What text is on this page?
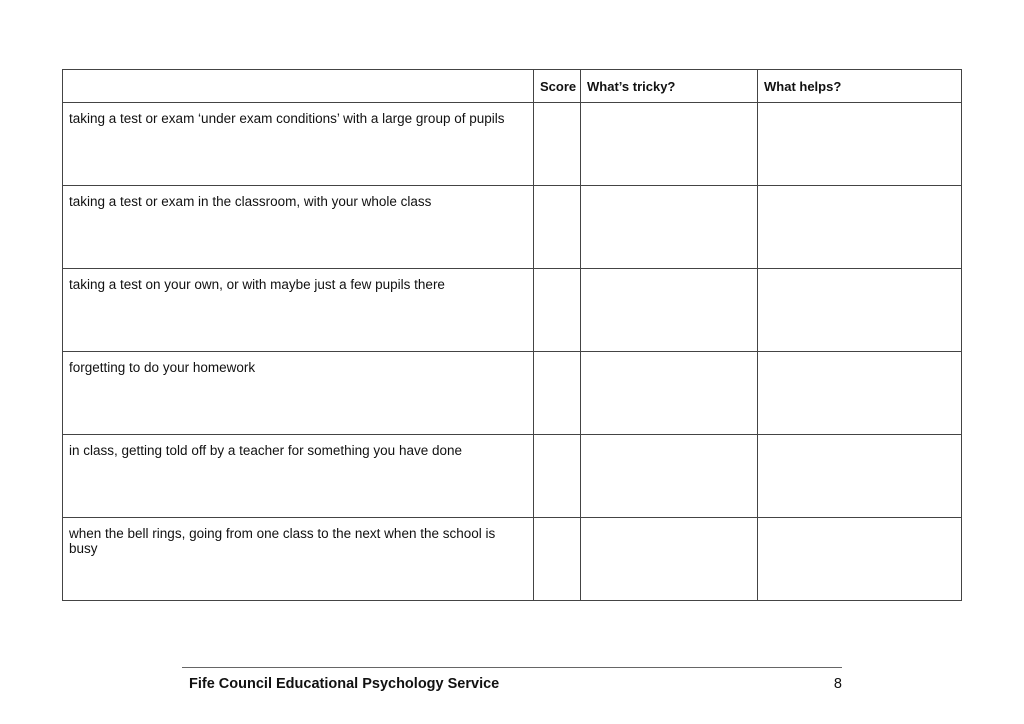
	Score	What’s tricky?	What helps?
taking a test or exam ‘under exam conditions’ with a large group of pupils			
taking a test or exam in the classroom, with your whole class			
taking a test on your own, or with maybe just a few pupils there			
forgetting to do your homework			
in class, getting told off by a teacher for something you have done			
when the bell rings, going from one class to the next when the school is busy			
Fife Council Educational Psychology Service	8
